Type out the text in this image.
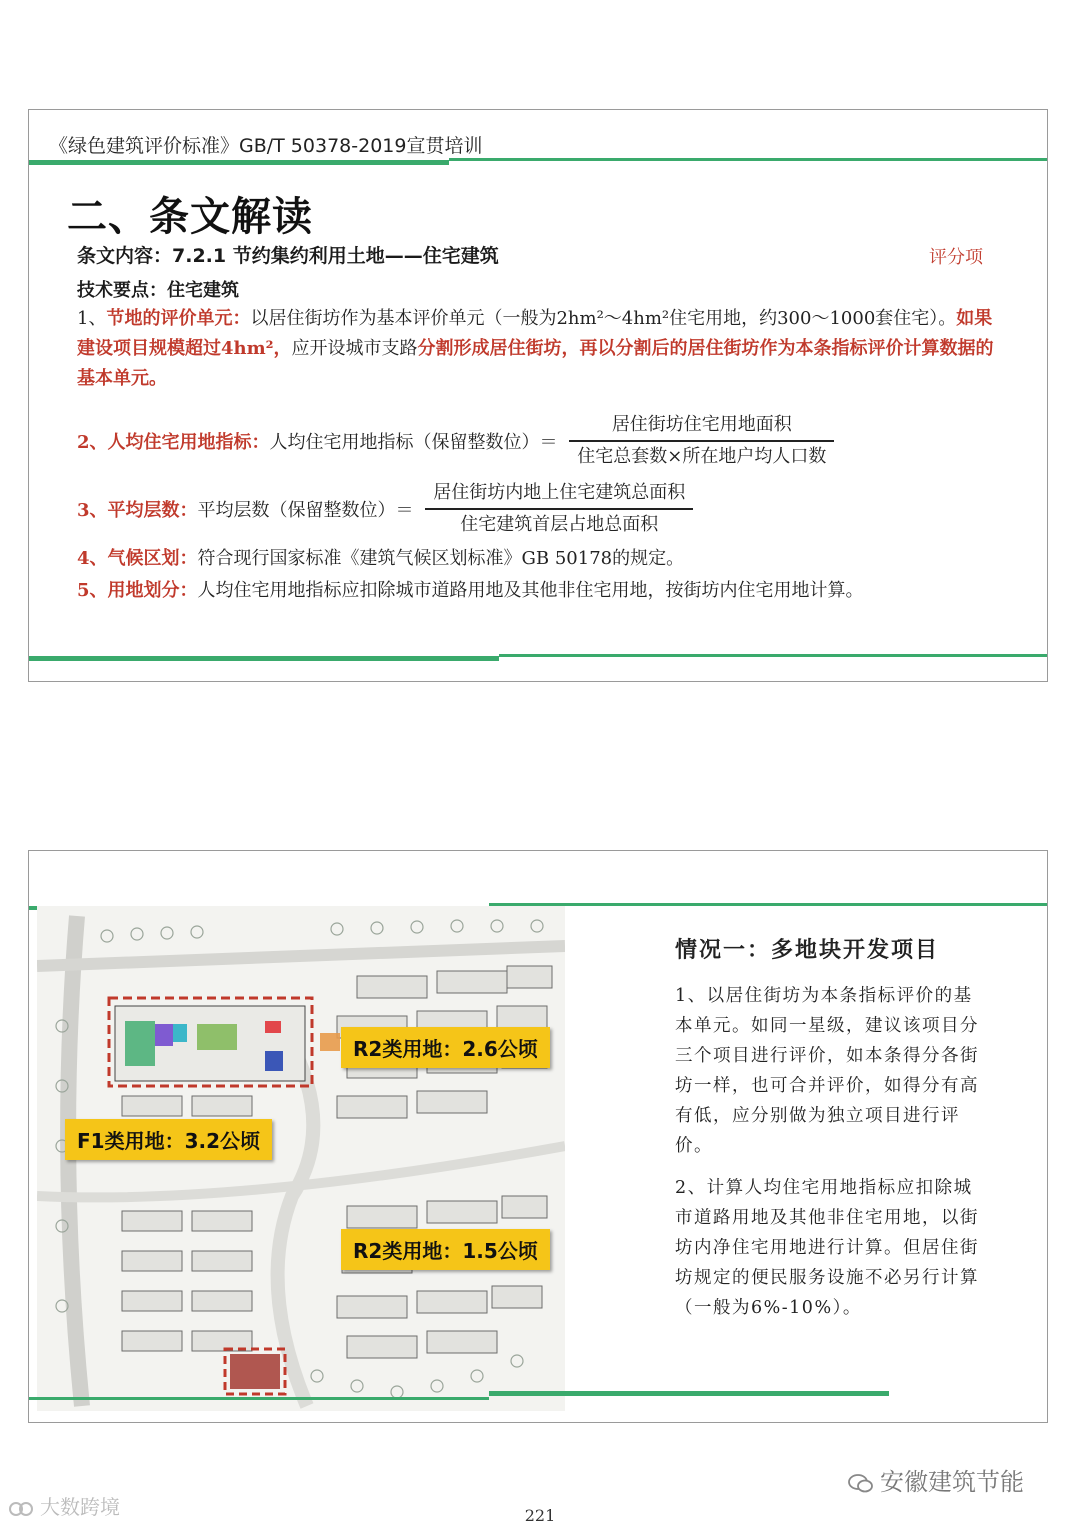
《绿色建筑评价标准》GB/T 50378-2019宣贯培训
二、条文解读
条文内容：7.2.1 节约集约利用土地——住宅建筑	评分项
技术要点：住宅建筑
1、节地的评价单元：以居住街坊作为基本评价单元（一般为2hm²～4hm²住宅用地，约300～1000套住宅）。如果建设项目规模超过4hm²，应开设城市支路分割形成居住街坊，再以分割后的居住街坊作为本条指标评价计算数据的基本单元。
2、人均住宅用地指标：人均住宅用地指标（保留整数位）＝ $\frac{\text{居住街坊住宅用地面积}}{\text{住宅总套数×所在地户均人口数}}$
3、平均层数：平均层数（保留整数位）＝ $\frac{\text{居住街坊内地上住宅建筑总面积}}{\text{住宅建筑首层占地总面积}}$
4、气候区划：符合现行国家标准《建筑气候区划标准》GB 50178的规定。
5、用地划分：人均住宅用地指标应扣除城市道路用地及其他非住宅用地，按街坊内住宅用地计算。
R2类用地：2.6公顷
F1类用地：3.2公顷
R2类用地：1.5公顷
情况一：多地块开发项目
1、以居住街坊为本条指标评价的基本单元。如同一星级，建议该项目分三个项目进行评价，如本条得分各街坊一样，也可合并评价，如得分有高有低，应分别做为独立项目进行评价。
2、计算人均住宅用地指标应扣除城市道路用地及其他非住宅用地，以街坊内净住宅用地进行计算。但居住街坊规定的便民服务设施不必另行计算（一般为6%-10%）。
大数跨境
安徽建筑节能
221
